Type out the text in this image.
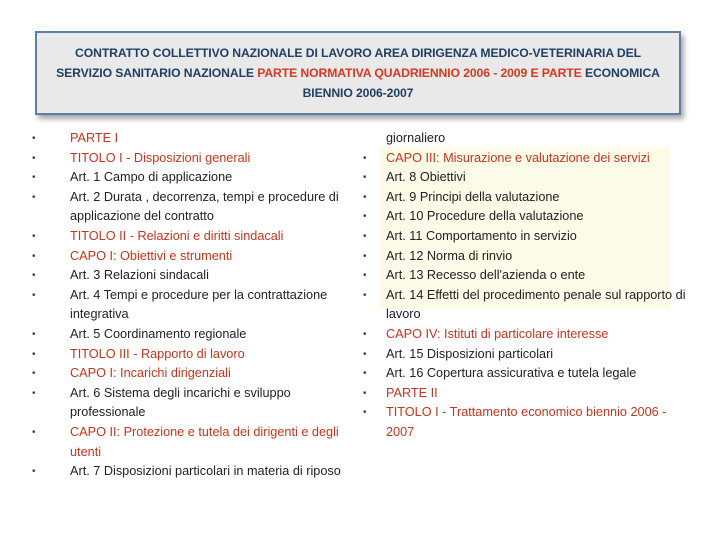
CONTRATTO COLLETTIVO NAZIONALE DI LAVORO AREA DIRIGENZA MEDICO-VETERINARIA DEL SERVIZIO SANITARIO NAZIONALE PARTE NORMATIVA QUADRIENNIO 2006 - 2009 E PARTE ECONOMICA BIENNIO 2006-2007

•	PARTE I
•	TITOLO I - Disposizioni generali
•	Art. 1 Campo di applicazione
•	Art. 2 Durata , decorrenza, tempi e procedure di applicazione del contratto
•	TITOLO II - Relazioni e diritti sindacali
•	CAPO I: Obiettivi e strumenti
•	Art. 3 Relazioni sindacali
•	Art. 4 Tempi e procedure per la contrattazione integrativa
•	Art. 5 Coordinamento regionale
•	TITOLO III - Rapporto di lavoro
•	CAPO I: Incarichi dirigenziali
•	Art. 6 Sistema degli incarichi e sviluppo professionale
•	CAPO II: Protezione e tutela dei dirigenti e degli utenti
•	Art. 7 Disposizioni particolari in materia di riposo
giornaliero
• CAPO III: Misurazione e valutazione dei servizi
• Art. 8 Obiettivi
• Art. 9 Principi della valutazione
• Art. 10 Procedure della valutazione
• Art. 11 Comportamento in servizio
• Art. 12 Norma di rinvio
• Art. 13 Recesso dell'azienda o ente
• Art. 14 Effetti del procedimento penale sul rapporto di lavoro
• CAPO IV: Istituti di particolare interesse
• Art. 15 Disposizioni particolari
• Art. 16 Copertura assicurativa e tutela legale
• PARTE II
• TITOLO I - Trattamento economico biennio 2006 - 2007
